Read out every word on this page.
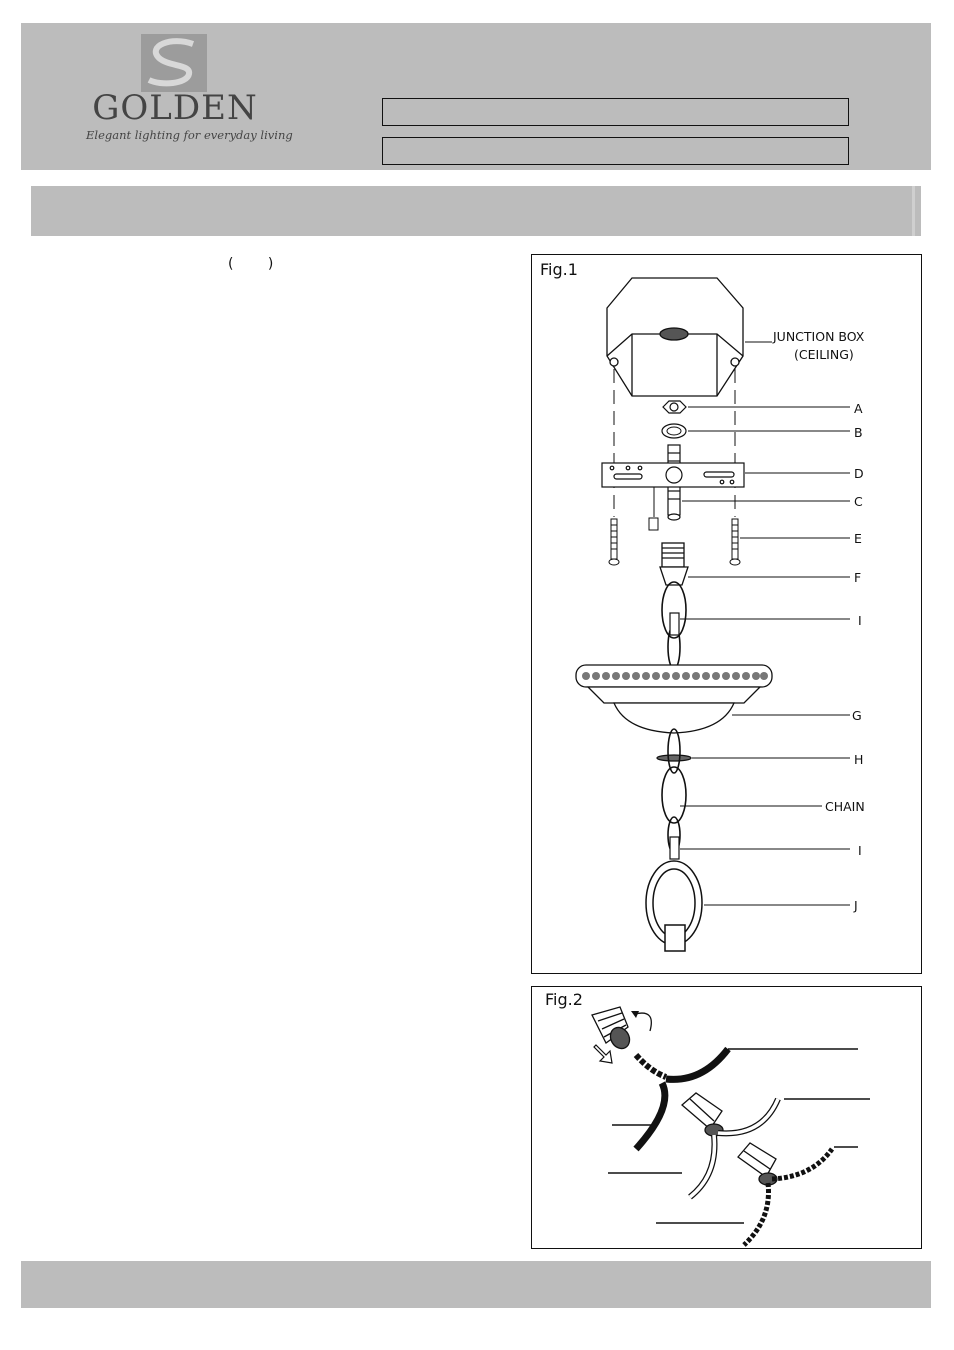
GOLDEN
Elegant lighting for everyday living
( )	Fig.1
JUNCTION BOX
(CEILING)
A
B
D
C
E
F
I
G
H
CHAIN
I
J
Fig.2
